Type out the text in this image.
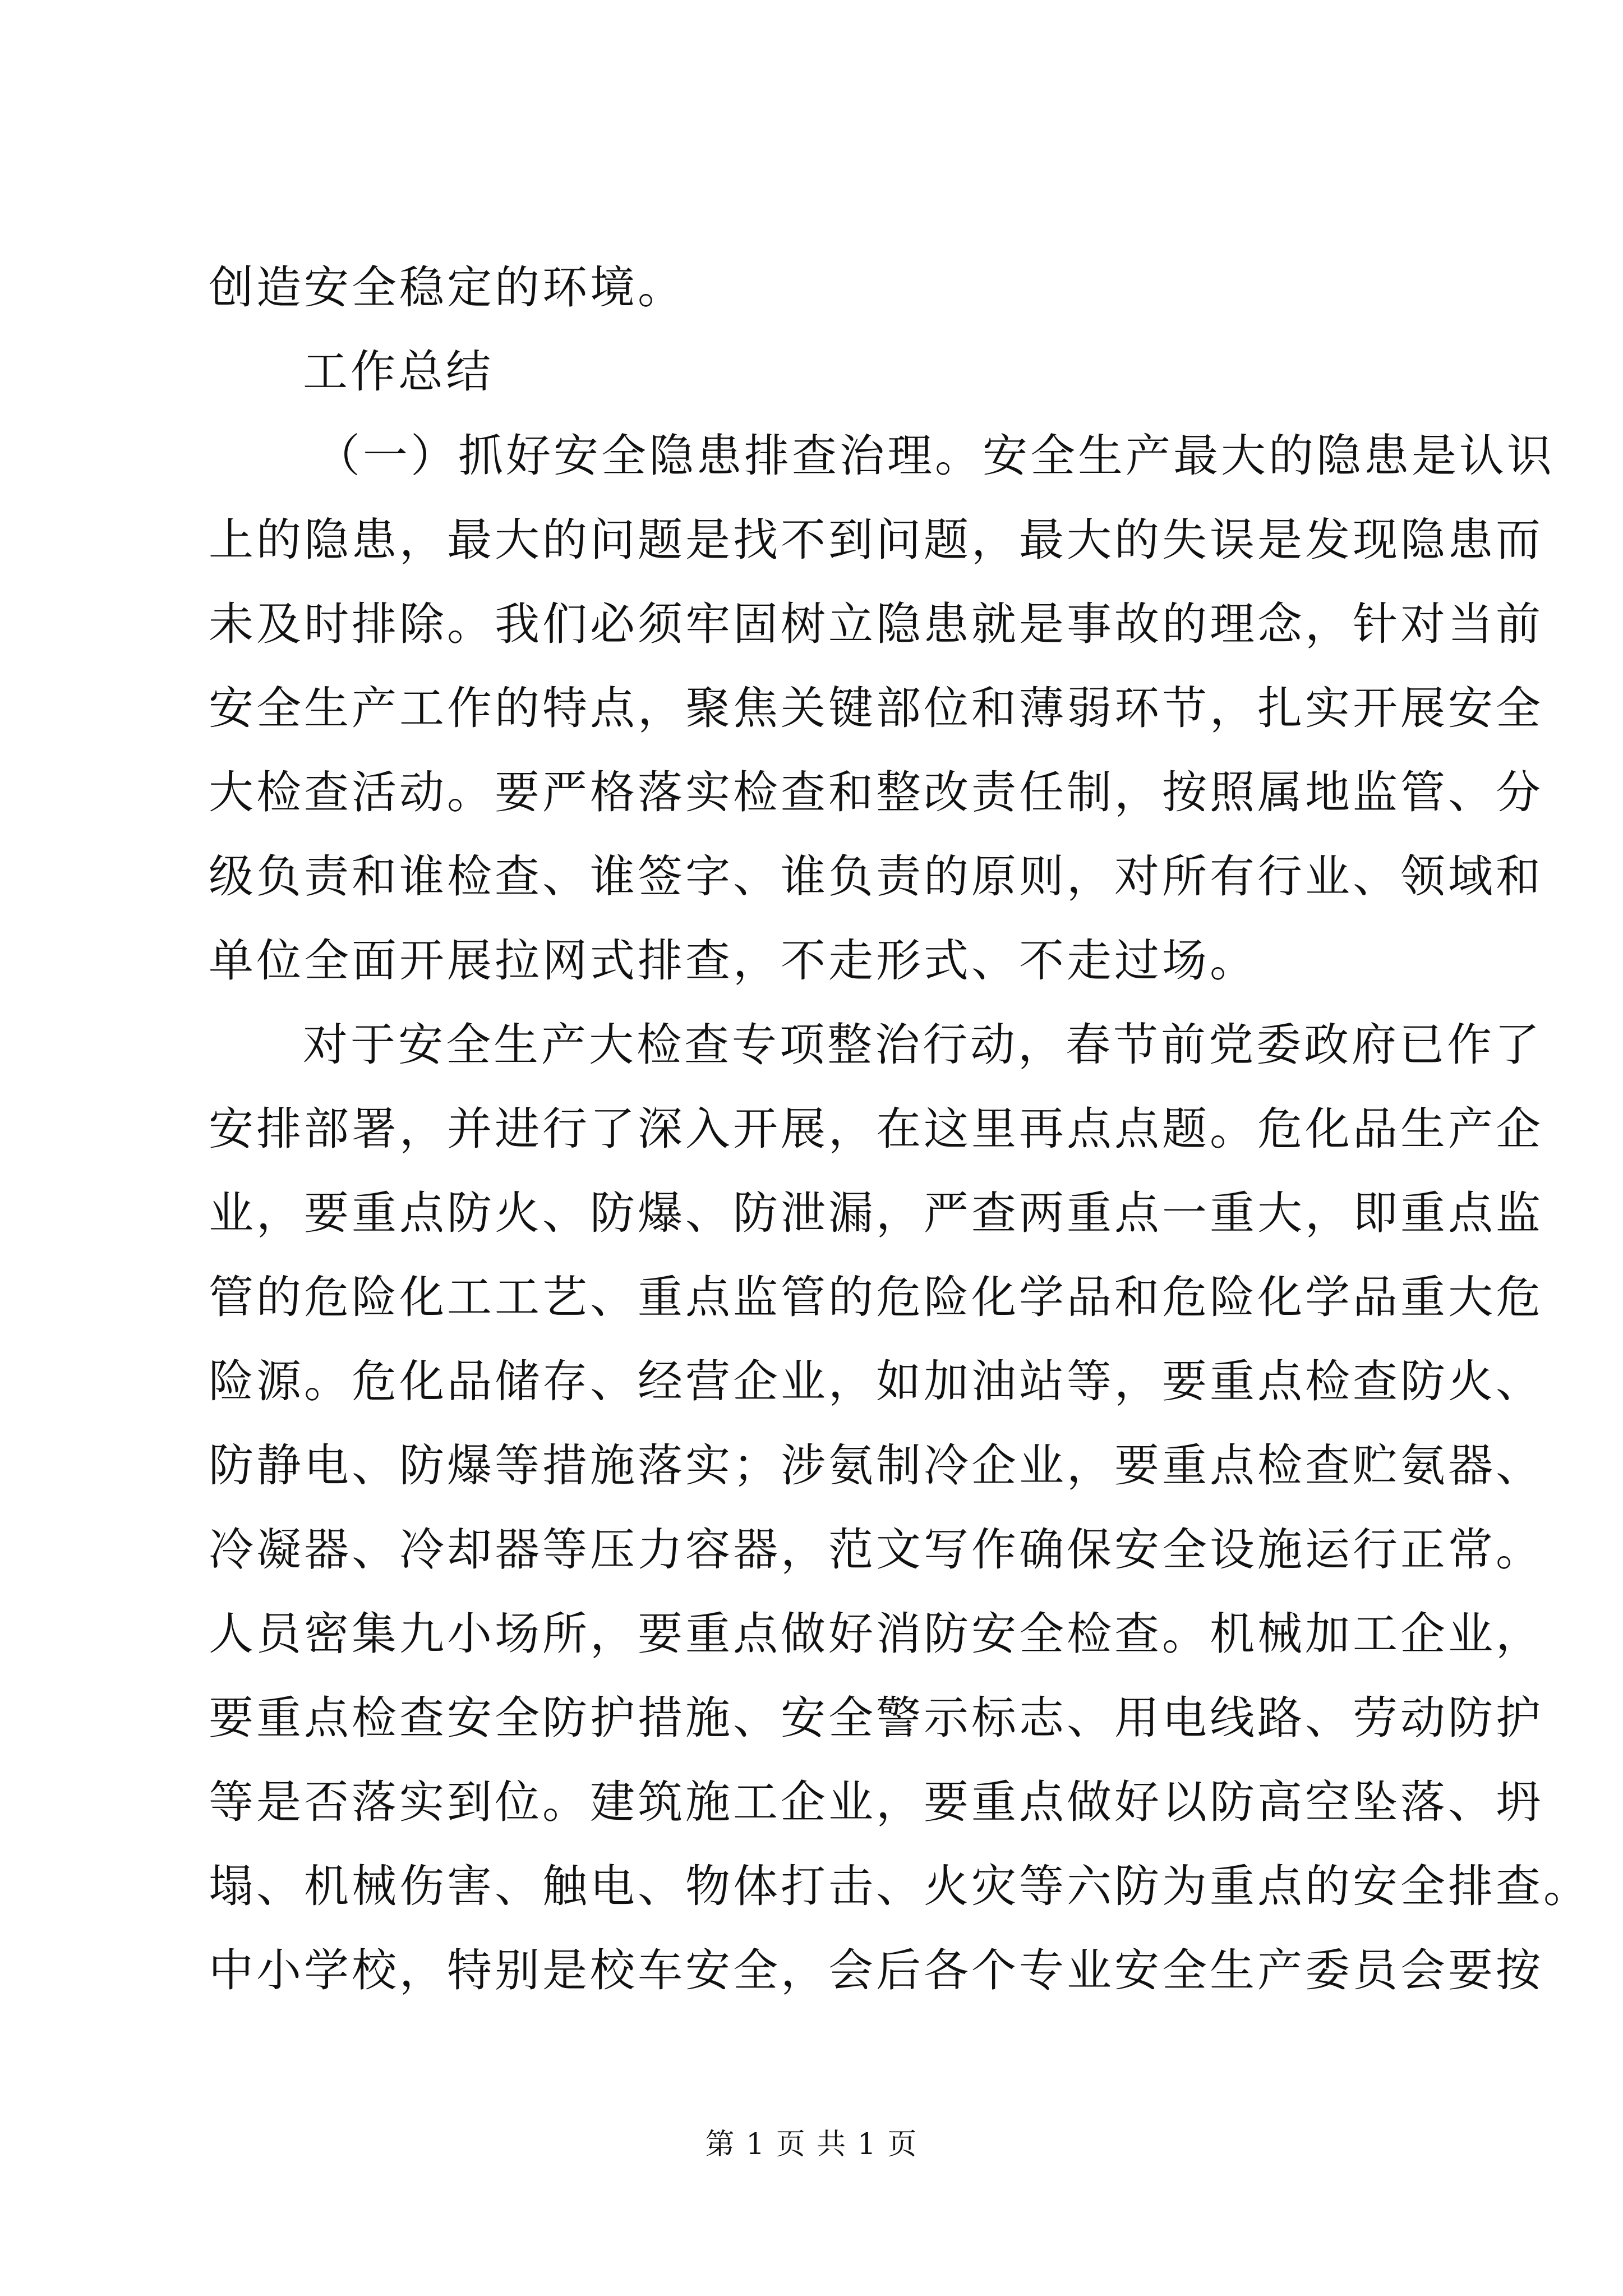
创造安全稳定的环境。
工作总结
（一）抓好安全隐患排查治理。安全生产最大的隐患是认识
上的隐患，最大的问题是找不到问题，最大的失误是发现隐患而
未及时排除。我们必须牢固树立隐患就是事故的理念，针对当前
安全生产工作的特点，聚焦关键部位和薄弱环节，扎实开展安全
大检查活动。要严格落实检查和整改责任制，按照属地监管、分
级负责和谁检查、谁签字、谁负责的原则，对所有行业、领域和
单位全面开展拉网式排查，不走形式、不走过场。
对于安全生产大检查专项整治行动，春节前党委政府已作了
安排部署，并进行了深入开展，在这里再点点题。危化品生产企
业，要重点防火、防爆、防泄漏，严查两重点一重大，即重点监
管的危险化工工艺、重点监管的危险化学品和危险化学品重大危
险源。危化品储存、经营企业，如加油站等，要重点检查防火、
防静电、防爆等措施落实；涉氨制冷企业，要重点检查贮氨器、
冷凝器、冷却器等压力容器，范文写作确保安全设施运行正常。
人员密集九小场所，要重点做好消防安全检查。机械加工企业，
要重点检查安全防护措施、安全警示标志、用电线路、劳动防护
等是否落实到位。建筑施工企业，要重点做好以防高空坠落、坍
塌、机械伤害、触电、物体打击、火灾等六防为重点的安全排查。
中小学校，特别是校车安全，会后各个专业安全生产委员会要按
第 1 页 共 1 页
